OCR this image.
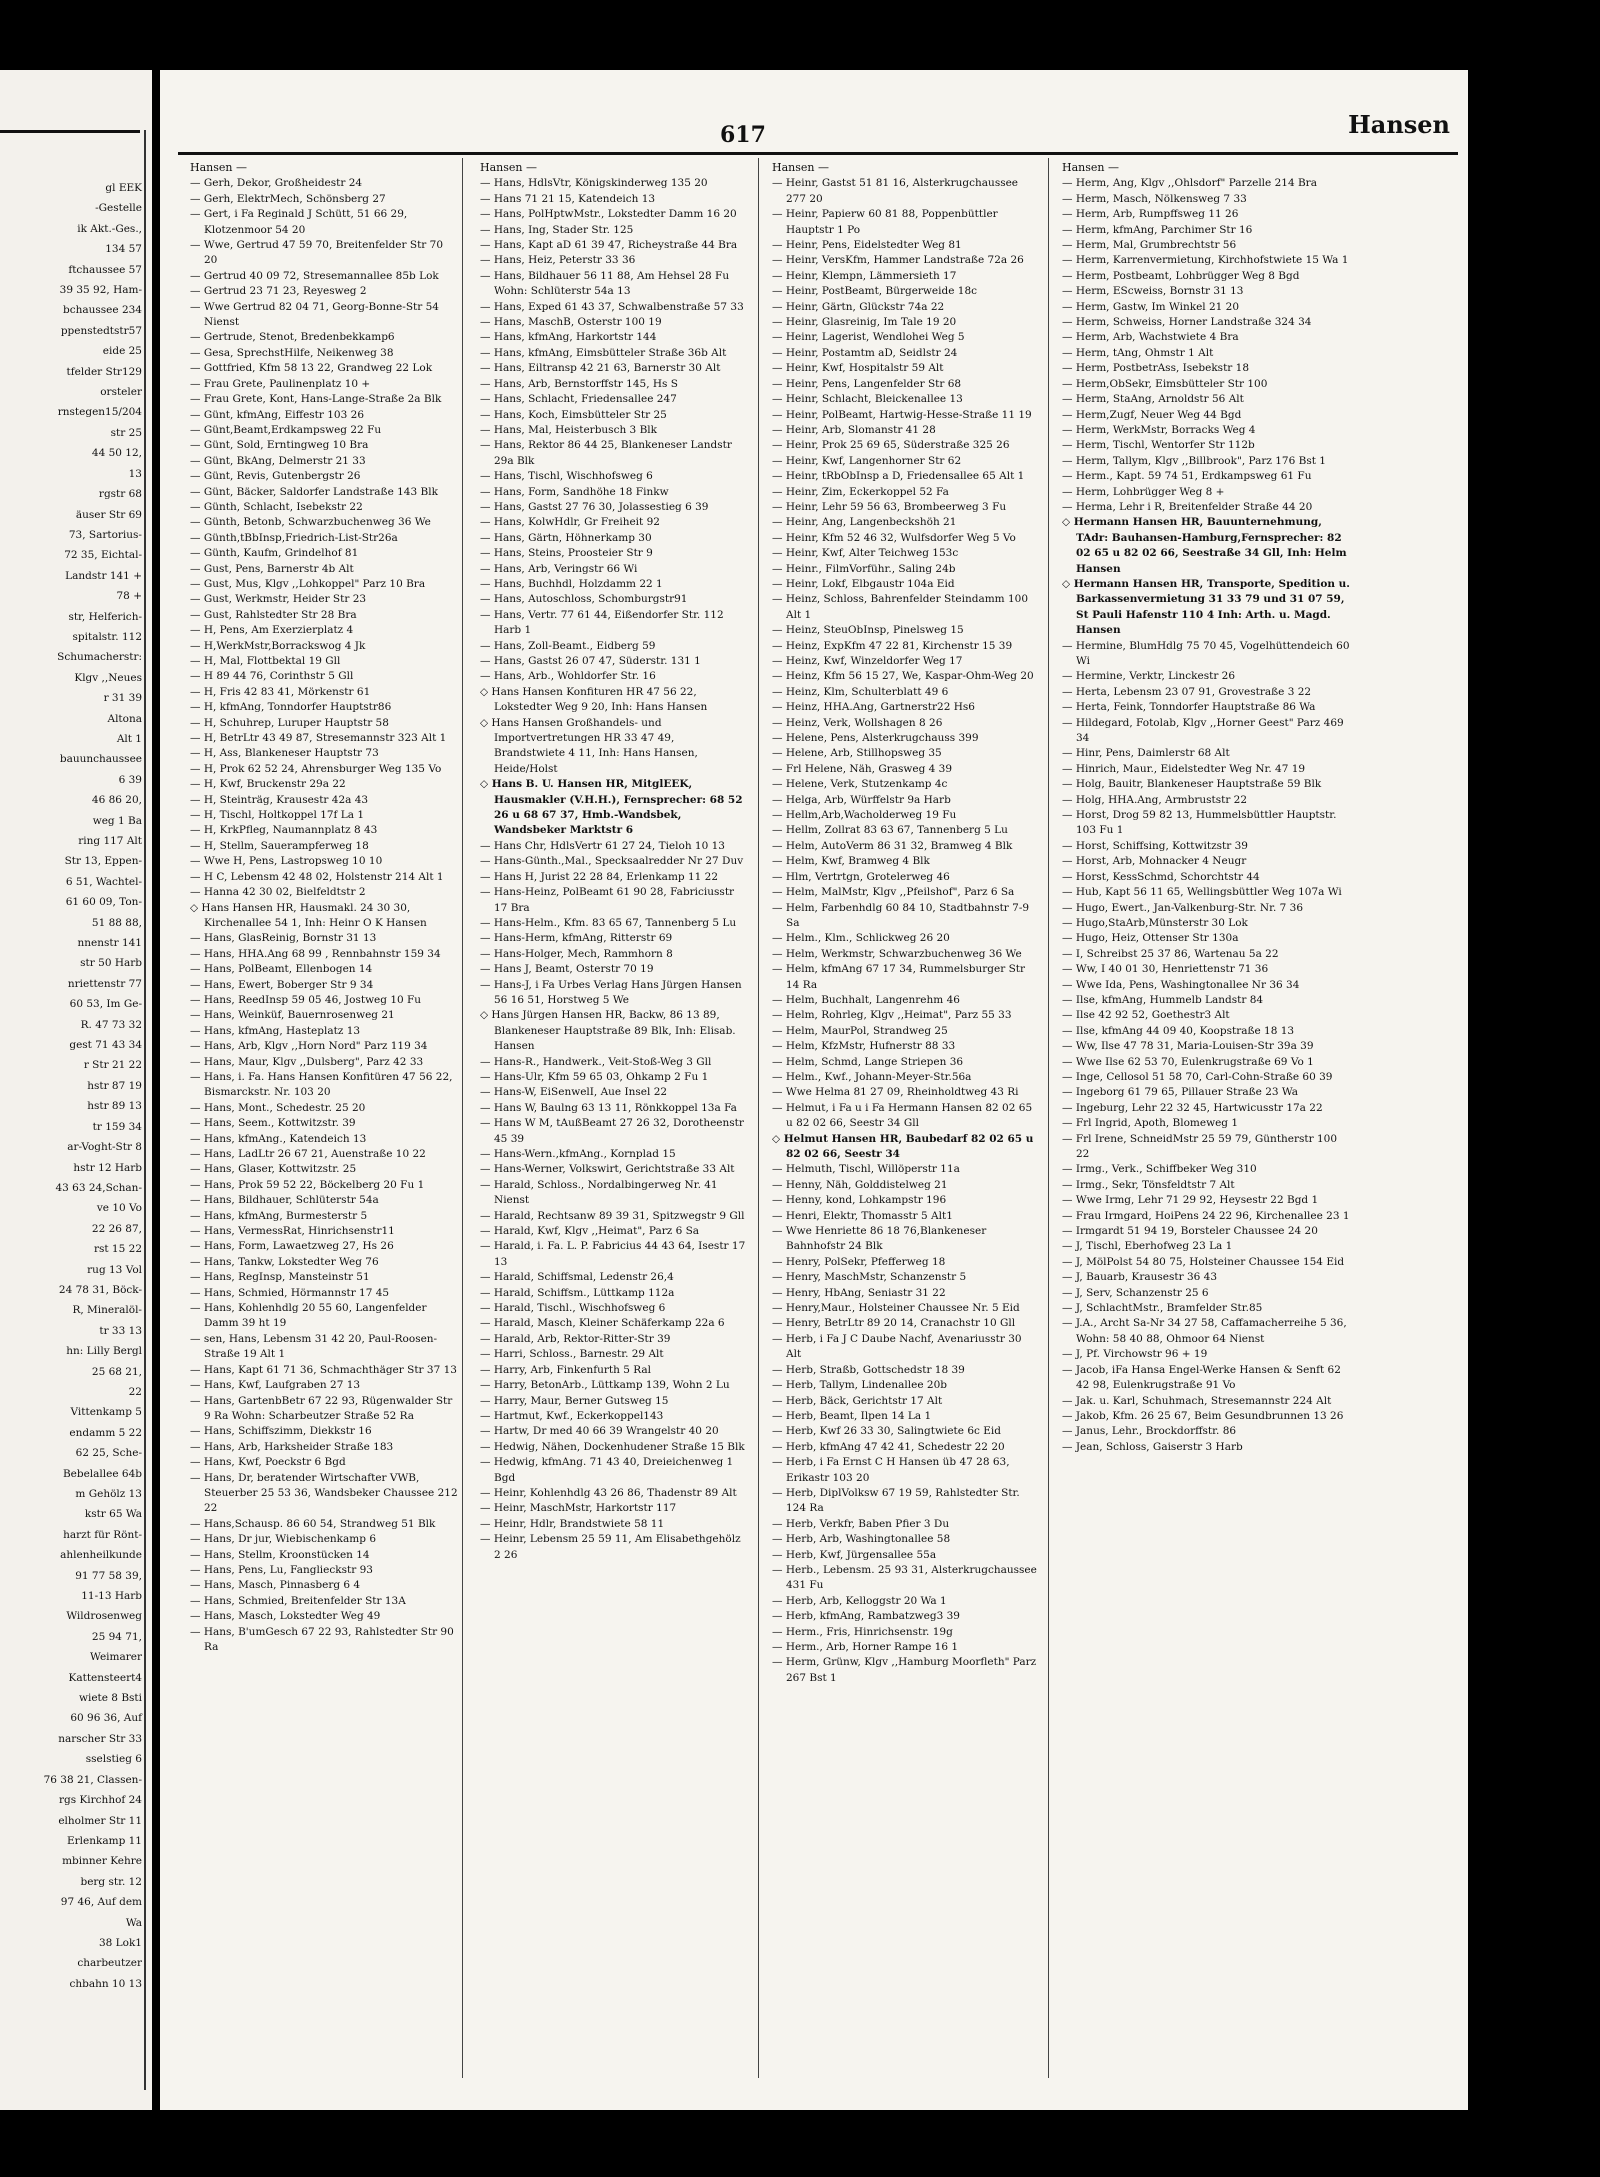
gl EEK
-Gestelle
ik Akt.-Ges.,
134 57
ftchaussee 57
39 35 92, Ham-
bchaussee 234
ppenstedtstr57
eide 25
tfelder Str129
orsteler
rnstegen15/204
str 25
44 50 12,
13
rgstr 68
äuser Str 69
73, Sartorius-
72 35, Eichtal-
Landstr 141 +
78 +
str, Helferich-
spitalstr. 112
Schumacherstr:
Klgv ,,Neues
r 31 39
Altona
Alt 1
bauunchaussee
6 39
46 86 20,
weg 1 Ba
ring 117 Alt
Str 13, Eppen-
6 51, Wachtel-
61 60 09, Ton-
51 88 88,
nnenstr 141
str 50 Harb
nriettenstr 77
60 53, Im Ge-
R. 47 73 32
gest 71 43 34
r Str 21 22
hstr 87 19
hstr 89 13
tr 159 34
ar-Voght-Str 8
hstr 12 Harb
43 63 24,Schan-
ve 10 Vo
22 26 87,
rst 15 22
rug 13 Vol
24 78 31, Böck-
R, Mineralöl-
tr 33 13
hn: Lilly Bergl
25 68 21,
22
Vittenkamp 5
endamm 5 22
62 25, Sche-
Bebelallee 64b
m Gehölz 13
kstr 65 Wa
harzt für Rönt-
ahlenheilkunde
91 77 58 39,
11-13 Harb
Wildrosenweg
25 94 71,
Weimarer
Kattensteert4
wiete 8 Bsti
60 96 36, Auf
narscher Str 33
sselstieg 6
76 38 21, Classen-
rgs Kirchhof 24
elholmer Str 11
Erlenkamp 11
mbinner Kehre
berg str. 12
97 46, Auf dem
Wa
38 Lok1
charbeutzer
chbahn 10 13
617	Hansen
Hansen —
— Gerh, Dekor, Großheidestr 24
— Gerh, ElektrMech, Schönsberg 27
— Gert, i Fa Reginald J Schütt, 51 66 29, Klotzenmoor 54 20
— Wwe, Gertrud 47 59 70, Breitenfelder Str 70 20
— Gertrud 40 09 72, Stresemannallee 85b Lok
— Gertrud 23 71 23, Reyesweg 2
— Wwe Gertrud 82 04 71, Georg-Bonne-Str 54 Nienst
— Gertrude, Stenot, Bredenbekkamp6
— Gesa, SprechstHilfe, Neikenweg 38
— Gottfried, Kfm 58 13 22, Grandweg 22 Lok
— Frau Grete, Paulinenplatz 10 +
— Frau Grete, Kont, Hans-Lange-Straße 2a Blk
— Günt, kfmAng, Eiffestr 103 26
— Günt,Beamt,Erdkampsweg 22 Fu
— Günt, Sold, Erntingweg 10 Bra
— Günt, BkAng, Delmerstr 21 33
— Günt, Revis, Gutenbergstr 26
— Günt, Bäcker, Saldorfer Landstraße 143 Blk
— Günth, Schlacht, Isebekstr 22
— Günth, Betonb, Schwarzbuchenweg 36 We
— Günth,tBbInsp,Friedrich-List-Str26a
— Günth, Kaufm, Grindelhof 81
— Gust, Pens, Barnerstr 4b Alt
— Gust, Mus, Klgv ,,Lohkoppel" Parz 10 Bra
— Gust, Werkmstr, Heider Str 23
— Gust, Rahlstedter Str 28 Bra
— H, Pens, Am Exerzierplatz 4
— H,WerkMstr,Borrackswog 4 Jk
— H, Mal, Flottbektal 19 Gll
— H 89 44 76, Corinthstr 5 Gll
— H, Fris 42 83 41, Mörkenstr 61
— H, kfmAng, Tonndorfer Hauptstr86
— H, Schuhrep, Luruper Hauptstr 58
— H, BetrLtr 43 49 87, Stresemannstr 323 Alt 1
— H, Ass, Blankeneser Hauptstr 73
— H, Prok 62 52 24, Ahrensburger Weg 135 Vo
— H, Kwf, Bruckenstr 29a 22
— H, Steinträg, Krausestr 42a 43
— H, Tischl, Holtkoppel 17f La 1
— H, KrkPfleg, Naumannplatz 8 43
— H, Stellm, Sauerampferweg 18
— Wwe H, Pens, Lastropsweg 10 10
— H C, Lebensm 42 48 02, Holstenstr 214 Alt 1
— Hanna 42 30 02, Bielfeldtstr 2
◇ Hans Hansen HR, Hausmakl. 24 30 30, Kirchenallee 54 1, Inh: Heinr O K Hansen
— Hans, GlasReinig, Bornstr 31 13
— Hans, HHA.Ang 68 99 , Rennbahnstr 159 34
— Hans, PolBeamt, Ellenbogen 14
— Hans, Ewert, Boberger Str 9 34
— Hans, ReedInsp 59 05 46, Jostweg 10 Fu
— Hans, Weinküf, Bauernrosenweg 21
— Hans, kfmAng, Hasteplatz 13
— Hans, Arb, Klgv ,,Horn Nord" Parz 119 34
— Hans, Maur, Klgv ,,Dulsberg", Parz 42 33
— Hans, i. Fa. Hans Hansen Konfitüren 47 56 22, Bismarckstr. Nr. 103 20
— Hans, Mont., Schedestr. 25 20
— Hans, Seem., Kottwitzstr. 39
— Hans, kfmAng., Katendeich 13
— Hans, LadLtr 26 67 21, Auenstraße 10 22
— Hans, Glaser, Kottwitzstr. 25
— Hans, Prok 59 52 22, Böckelberg 20 Fu 1
— Hans, Bildhauer, Schlüterstr 54a
— Hans, kfmAng, Burmesterstr 5
— Hans, VermessRat, Hinrichsenstr11
— Hans, Form, Lawaetzweg 27, Hs 26
— Hans, Tankw, Lokstedter Weg 76
— Hans, RegInsp, Mansteinstr 51
— Hans, Schmied, Hörmannstr 17 45
— Hans, Kohlenhdlg 20 55 60, Langenfelder Damm 39 ht 19
— sen, Hans, Lebensm 31 42 20, Paul-Roosen-Straße 19 Alt 1
— Hans, Kapt 61 71 36, Schmachthäger Str 37 13
— Hans, Kwf, Laufgraben 27 13
— Hans, GartenbBetr 67 22 93, Rügenwalder Str 9 Ra Wohn: Scharbeutzer Straße 52 Ra
— Hans, Schiffszimm, Diekkstr 16
— Hans, Arb, Harksheider Straße 183
— Hans, Kwf, Poeckstr 6 Bgd
— Hans, Dr, beratender Wirtschafter VWB, Steuerber 25 53 36, Wandsbeker Chaussee 212 22
— Hans,Schausp. 86 60 54, Strandweg 51 Blk
— Hans, Dr jur, Wiebischenkamp 6
— Hans, Stellm, Kroonstücken 14
— Hans, Pens, Lu, Fanglieckstr 93
— Hans, Masch, Pinnasberg 6 4
— Hans, Schmied, Breitenfelder Str 13A
— Hans, Masch, Lokstedter Weg 49
— Hans, B'umGesch 67 22 93, Rahlstedter Str 90 Ra
Hansen —
— Hans, HdlsVtr, Königskinderweg 135 20
— Hans 71 21 15, Katendeich 13
— Hans, PolHptwMstr., Lokstedter Damm 16 20
— Hans, Ing, Stader Str. 125
— Hans, Kapt aD 61 39 47, Richeystraße 44 Bra
— Hans, Heiz, Peterstr 33 36
— Hans, Bildhauer 56 11 88, Am Hehsel 28 Fu Wohn: Schlüterstr 54a 13
— Hans, Exped 61 43 37, Schwalbenstraße 57 33
— Hans, MaschB, Osterstr 100 19
— Hans, kfmAng, Harkortstr 144
— Hans, kfmAng, Eimsbütteler Straße 36b Alt
— Hans, Eiltransp 42 21 63, Barnerstr 30 Alt
— Hans, Arb, Bernstorffstr 145, Hs S
— Hans, Schlacht, Friedensallee 247
— Hans, Koch, Eimsbütteler Str 25
— Hans, Mal, Heisterbusch 3 Blk
— Hans, Rektor 86 44 25, Blankeneser Landstr 29a Blk
— Hans, Tischl, Wischhofsweg 6
— Hans, Form, Sandhöhe 18 Finkw
— Hans, Gastst 27 76 30, Jolassestieg 6 39
— Hans, KolwHdlr, Gr Freiheit 92
— Hans, Gärtn, Höhnerkamp 30
— Hans, Steins, Proosteier Str 9
— Hans, Arb, Veringstr 66 Wi
— Hans, Buchhdl, Holzdamm 22 1
— Hans, Autoschloss, Schomburgstr91
— Hans, Vertr. 77 61 44, Eißendorfer Str. 112 Harb 1
— Hans, Zoll-Beamt., Eidberg 59
— Hans, Gastst 26 07 47, Süderstr. 131 1
— Hans, Arb., Wohldorfer Str. 16
◇ Hans Hansen Konfituren HR 47 56 22, Lokstedter Weg 9 20, Inh: Hans Hansen
◇ Hans Hansen Großhandels- und Importvertretungen HR 33 47 49, Brandstwiete 4 11, Inh: Hans Hansen, Heide/Holst
◇ Hans B. U. Hansen HR, MitglEEK, Hausmakler (V.H.H.), Fernsprecher: 68 52 26 u 68 67 37, Hmb.-Wandsbek, Wandsbeker Marktstr 6
— Hans Chr, HdlsVertr 61 27 24, Tieloh 10 13
— Hans-Günth.,Mal., Specksaalredder Nr 27 Duv
— Hans H, Jurist 22 28 84, Erlenkamp 11 22
— Hans-Heinz, PolBeamt 61 90 28, Fabriciusstr 17 Bra
— Hans-Helm., Kfm. 83 65 67, Tannenberg 5 Lu
— Hans-Herm, kfmAng, Ritterstr 69
— Hans-Holger, Mech, Rammhorn 8
— Hans J, Beamt, Osterstr 70 19
— Hans-J, i Fa Urbes Verlag Hans Jürgen Hansen 56 16 51, Horstweg 5 We
◇ Hans Jürgen Hansen HR, Backw, 86 13 89, Blankeneser Hauptstraße 89 Blk, Inh: Elisab. Hansen
— Hans-R., Handwerk., Veit-Stoß-Weg 3 Gll
— Hans-Ulr, Kfm 59 65 03, Ohkamp 2 Fu 1
— Hans-W, EiSenwelI, Aue Insel 22
— Hans W, Baulng 63 13 11, Rönkkoppel 13a Fa
— Hans W M, tAußBeamt 27 26 32, Dorotheenstr 45 39
— Hans-Wern.,kfmAng., Kornplad 15
— Hans-Werner, Volkswirt, Gerichtstraße 33 Alt
— Harald, Schloss., Nordalbingerweg Nr. 41 Nienst
— Harald, Rechtsanw 89 39 31, Spitzwegstr 9 Gll
— Harald, Kwf, Klgv ,,Heimat", Parz 6 Sa
— Harald, i. Fa. L. P. Fabricius 44 43 64, Isestr 17 13
— Harald, Schiffsmal, Ledenstr 26,4
— Harald, Schiffsm., Lüttkamp 112a
— Harald, Tischl., Wischhofsweg 6
— Harald, Masch, Kleiner Schäferkamp 22a 6
— Harald, Arb, Rektor-Ritter-Str 39
— Harri, Schloss., Barnestr. 29 Alt
— Harry, Arb, Finkenfurth 5 Ral
— Harry, BetonArb., Lüttkamp 139, Wohn 2 Lu
— Harry, Maur, Berner Gutsweg 15
— Hartmut, Kwf., Eckerkoppel143
— Hartw, Dr med 40 66 39 Wrangelstr 40 20
— Hedwig, Nähen, Dockenhudener Straße 15 Blk
— Hedwig, kfmAng. 71 43 40, Dreieichenweg 1 Bgd
— Heinr, Kohlenhdlg 43 26 86, Thadenstr 89 Alt
— Heinr, MaschMstr, Harkortstr 117
— Heinr, Hdlr, Brandstwiete 58 11
— Heinr, Lebensm 25 59 11, Am Elisabethgehölz 2 26
Hansen —
— Heinr, Gastst 51 81 16, Alsterkrugchaussee 277 20
— Heinr, Papierw 60 81 88, Poppenbüttler Hauptstr 1 Po
— Heinr, Pens, Eidelstedter Weg 81
— Heinr, VersKfm, Hammer Landstraße 72a 26
— Heinr, Klempn, Lämmersieth 17
— Heinr, PostBeamt, Bürgerweide 18c
— Heinr, Gärtn, Glückstr 74a 22
— Heinr, Glasreinig, Im Tale 19 20
— Heinr, Lagerist, Wendlohei Weg 5
— Heinr, Postamtm aD, Seidlstr 24
— Heinr, Kwf, Hospitalstr 59 Alt
— Heinr, Pens, Langenfelder Str 68
— Heinr, Schlacht, Bleickenallee 13
— Heinr, PolBeamt, Hartwig-Hesse-Straße 11 19
— Heinr, Arb, Slomanstr 41 28
— Heinr, Prok 25 69 65, Süderstraße 325 26
— Heinr, Kwf, Langenhorner Str 62
— Heinr, tRbObInsp a D, Friedensallee 65 Alt 1
— Heinr, Zim, Eckerkoppel 52 Fa
— Heinr, Lehr 59 56 63, Brombeerweg 3 Fu
— Heinr, Ang, Langenbeckshöh 21
— Heinr, Kfm 52 46 32, Wulfsdorfer Weg 5 Vo
— Heinr, Kwf, Alter Teichweg 153c
— Heinr., FilmVorführ., Saling 24b
— Heinr, Lokf, Elbgaustr 104a Eid
— Heinz, Schloss, Bahrenfelder Steindamm 100 Alt 1
— Heinz, SteuObInsp, Pinelsweg 15
— Heinz, ExpKfm 47 22 81, Kirchenstr 15 39
— Heinz, Kwf, Winzeldorfer Weg 17
— Heinz, Kfm 56 15 27, We, Kaspar-Ohm-Weg 20
— Heinz, Klm, Schulterblatt 49 6
— Heinz, HHA.Ang, Gartnerstr22 Hs6
— Heinz, Verk, Wollshagen 8 26
— Helene, Pens, Alsterkrugchauss 399
— Helene, Arb, Stillhopsweg 35
— Frl Helene, Näh, Grasweg 4 39
— Helene, Verk, Stutzenkamp 4c
— Helga, Arb, Würffelstr 9a Harb
— Hellm,Arb,Wacholderweg 19 Fu
— Hellm, Zollrat 83 63 67, Tannenberg 5 Lu
— Helm, AutoVerm 86 31 32, Bramweg 4 Blk
— Helm, Kwf, Bramweg 4 Blk
— Hlm, Vertrtgn, Grotelerweg 46
— Helm, MalMstr, Klgv ,,Pfeilshof", Parz 6 Sa
— Helm, Farbenhdlg 60 84 10, Stadtbahnstr 7-9 Sa
— Helm., Klm., Schlickweg 26 20
— Helm, Werkmstr, Schwarzbuchenweg 36 We
— Helm, kfmAng 67 17 34, Rummelsburger Str 14 Ra
— Helm, Buchhalt, Langenrehm 46
— Helm, Rohrleg, Klgv ,,Heimat", Parz 55 33
— Helm, MaurPol, Strandweg 25
— Helm, KfzMstr, Hufnerstr 88 33
— Helm, Schmd, Lange Striepen 36
— Helm., Kwf., Johann-Meyer-Str.56a
— Wwe Helma 81 27 09, Rheinholdtweg 43 Ri
— Helmut, i Fa u i Fa Hermann Hansen 82 02 65 u 82 02 66, Seestr 34 Gll
◇ Helmut Hansen HR, Baubedarf 82 02 65 u 82 02 66, Seestr 34
— Helmuth, Tischl, Willöperstr 11a
— Henny, Näh, Golddistelweg 21
— Henny, kond, Lohkampstr 196
— Henri, Elektr, Thomasstr 5 Alt1
— Wwe Henriette 86 18 76,Blankeneser Bahnhofstr 24 Blk
— Henry, PolSekr, Pfefferweg 18
— Henry, MaschMstr, Schanzenstr 5
— Henry, HbAng, Seniastr 31 22
— Henry,Maur., Holsteiner Chaussee Nr. 5 Eid
— Henry, BetrLtr 89 20 14, Cranachstr 10 Gll
— Herb, i Fa J C Daube Nachf, Avenariusstr 30 Alt
— Herb, Straßb, Gottschedstr 18 39
— Herb, Tallym, Lindenallee 20b
— Herb, Bäck, Gerichtstr 17 Alt
— Herb, Beamt, Ilpen 14 La 1
— Herb, Kwf 26 33 30, Salingtwiete 6c Eid
— Herb, kfmAng 47 42 41, Schedestr 22 20
— Herb, i Fa Ernst C H Hansen üb 47 28 63, Erikastr 103 20
— Herb, DiplVolksw 67 19 59, Rahlstedter Str. 124 Ra
— Herb, Verkfr, Baben Pfier 3 Du
— Herb, Arb, Washingtonallee 58
— Herb, Kwf, Jürgensallee 55a
— Herb., Lebensm. 25 93 31, Alsterkrugchaussee 431 Fu
— Herb, Arb, Kelloggstr 20 Wa 1
— Herb, kfmAng, Rambatzweg3 39
— Herm., Fris, Hinrichsenstr. 19g
— Herm., Arb, Horner Rampe 16 1
— Herm, Grünw, Klgv ,,Hamburg Moorfleth" Parz 267 Bst 1
Hansen —
— Herm, Ang, Klgv ,,Ohlsdorf" Parzelle 214 Bra
— Herm, Masch, Nölkensweg 7 33
— Herm, Arb, Rumpffsweg 11 26
— Herm, kfmAng, Parchimer Str 16
— Herm, Mal, Grumbrechtstr 56
— Herm, Karrenvermietung, Kirchhofstwiete 15 Wa 1
— Herm, Postbeamt, Lohbrügger Weg 8 Bgd
— Herm, EScweiss, Bornstr 31 13
— Herm, Gastw, Im Winkel 21 20
— Herm, Schweiss, Horner Landstraße 324 34
— Herm, Arb, Wachstwiete 4 Bra
— Herm, tAng, Ohmstr 1 Alt
— Herm, PostbetrAss, Isebekstr 18
— Herm,ObSekr, Eimsbütteler Str 100
— Herm, StaAng, Arnoldstr 56 Alt
— Herm,Zugf, Neuer Weg 44 Bgd
— Herm, WerkMstr, Borracks Weg 4
— Herm, Tischl, Wentorfer Str 112b
— Herm, Tallym, Klgv ,,Billbrook", Parz 176 Bst 1
— Herm., Kapt. 59 74 51, Erdkampsweg 61 Fu
— Herm, Lohbrügger Weg 8 +
— Herma, Lehr i R, Breitenfelder Straße 44 20
◇ Hermann Hansen HR, Bauunternehmung, TAdr: Bauhansen-Hamburg,Fernsprecher: 82 02 65 u 82 02 66, Seestraße 34 Gll, Inh: Helm Hansen
◇ Hermann Hansen HR, Transporte, Spedition u. Barkassenvermietung 31 33 79 und 31 07 59, St Pauli Hafenstr 110 4 Inh: Arth. u. Magd. Hansen
— Hermine, BlumHdlg 75 70 45, Vogelhüttendeich 60 Wi
— Hermine, Verktr, Linckestr 26
— Herta, Lebensm 23 07 91, Grovestraße 3 22
— Herta, Feink, Tonndorfer Hauptstraße 86 Wa
— Hildegard, Fotolab, Klgv ,,Horner Geest" Parz 469 34
— Hinr, Pens, Daimlerstr 68 Alt
— Hinrich, Maur., Eidelstedter Weg Nr. 47 19
— Holg, Bauitr, Blankeneser Hauptstraße 59 Blk
— Holg, HHA.Ang, Armbruststr 22
— Horst, Drog 59 82 13, Hummelsbüttler Hauptstr. 103 Fu 1
— Horst, Schiffsing, Kottwitzstr 39
— Horst, Arb, Mohnacker 4 Neugr
— Horst, KessSchmd, Schorchtstr 44
— Hub, Kapt 56 11 65, Wellingsbüttler Weg 107a Wi
— Hugo, Ewert., Jan-Valkenburg-Str. Nr. 7 36
— Hugo,StaArb,Münsterstr 30 Lok
— Hugo, Heiz, Ottenser Str 130a
— I, Schreibst 25 37 86, Wartenau 5a 22
— Ww, I 40 01 30, Henriettenstr 71 36
— Wwe Ida, Pens, Washingtonallee Nr 36 34
— Ilse, kfmAng, Hummelb Landstr 84
— Ilse 42 92 52, Goethestr3 Alt
— Ilse, kfmAng 44 09 40, Koopstraße 18 13
— Ww, Ilse 47 78 31, Maria-Louisen-Str 39a 39
— Wwe Ilse 62 53 70, Eulenkrugstraße 69 Vo 1
— Inge, Cellosol 51 58 70, Carl-Cohn-Straße 60 39
— Ingeborg 61 79 65, Pillauer Straße 23 Wa
— Ingeburg, Lehr 22 32 45, Hartwicusstr 17a 22
— Frl Ingrid, Apoth, Blomeweg 1
— Frl Irene, SchneidMstr 25 59 79, Güntherstr 100 22
— Irmg., Verk., Schiffbeker Weg 310
— Irmg., Sekr, Tönsfeldtstr 7 Alt
— Wwe Irmg, Lehr 71 29 92, Heysestr 22 Bgd 1
— Frau Irmgard, HoiPens 24 22 96, Kirchenallee 23 1
— Irmgardt 51 94 19, Borsteler Chaussee 24 20
— J, Tischl, Eberhofweg 23 La 1
— J, MölPolst 54 80 75, Holsteiner Chaussee 154 Eid
— J, Bauarb, Krausestr 36 43
— J, Serv, Schanzenstr 25 6
— J, SchlachtMstr., Bramfelder Str.85
— J.A., Archt Sa-Nr 34 27 58, Caffamacherreihe 5 36, Wohn: 58 40 88, Ohmoor 64 Nienst
— J, Pf. Virchowstr 96 + 19
— Jacob, iFa Hansa Engel-Werke Hansen & Senft 62 42 98, Eulenkrugstraße 91 Vo
— Jak. u. Karl, Schuhmach, Stresemannstr 224 Alt
— Jakob, Kfm. 26 25 67, Beim Gesundbrunnen 13 26
— Janus, Lehr., Brockdorffstr. 86
— Jean, Schloss, Gaiserstr 3 Harb
